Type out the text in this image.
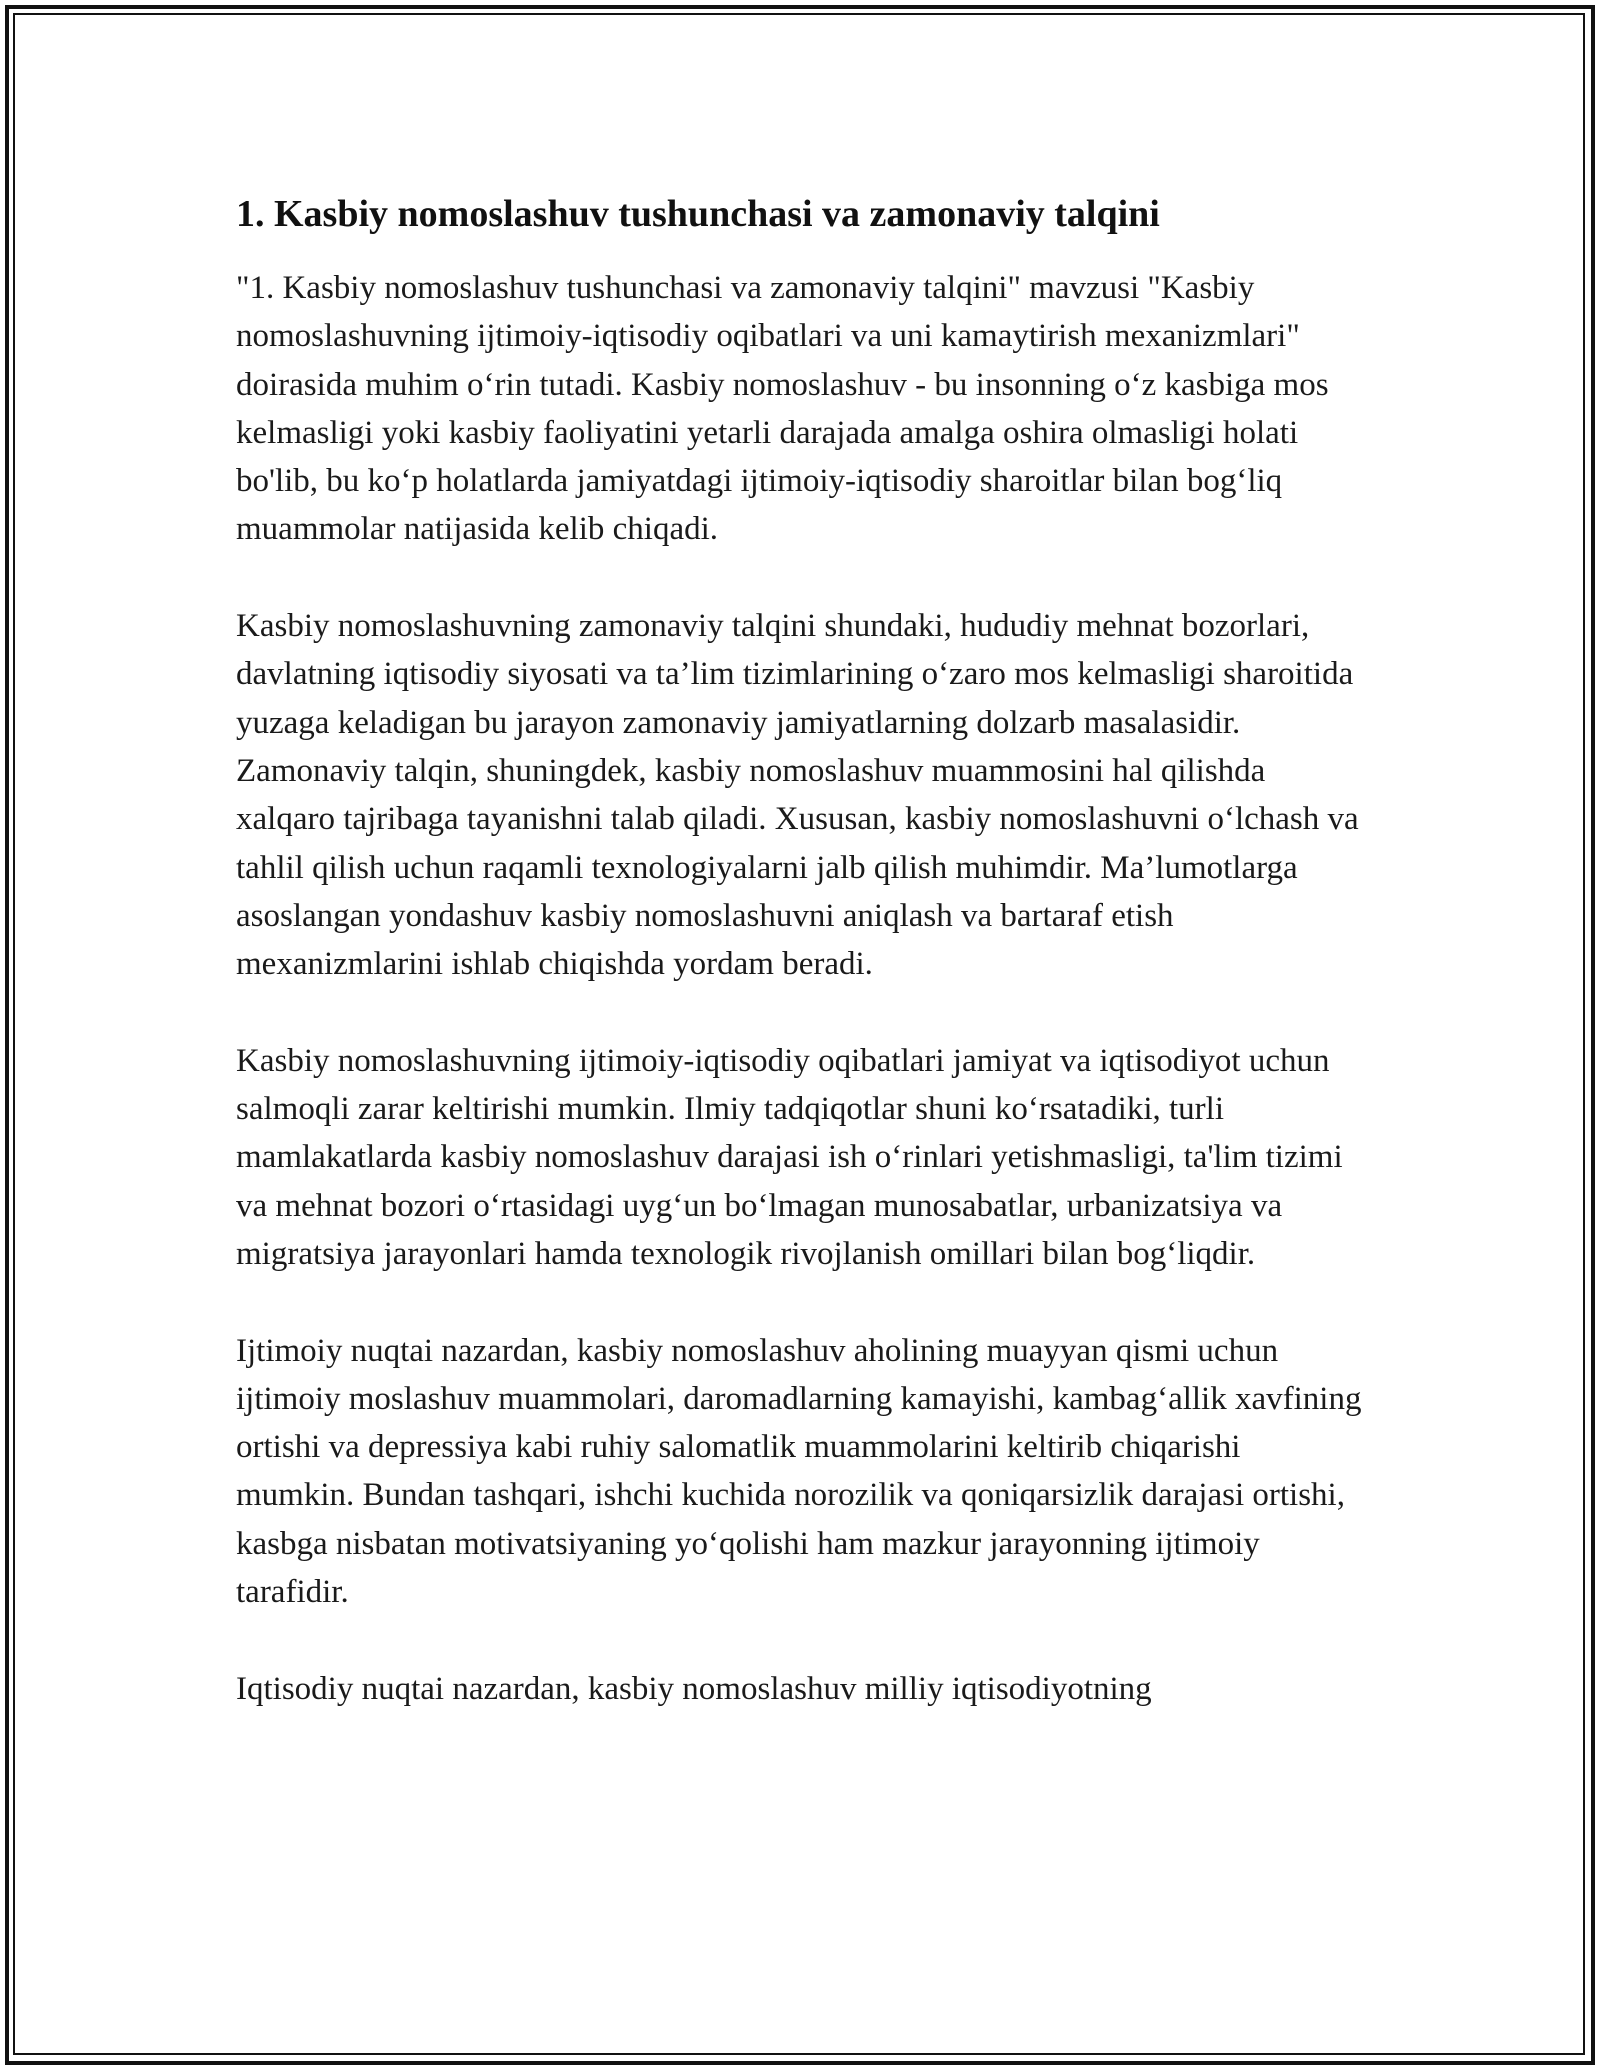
1. Kasbiy nomoslashuv tushunchasi va zamonaviy talqini

"1. Kasbiy nomoslashuv tushunchasi va zamonaviy talqini" mavzusi "Kasbiy nomoslashuvning ijtimoiy-iqtisodiy oqibatlari va uni kamaytirish mexanizmlari" doirasida muhim o‘rin tutadi. Kasbiy nomoslashuv - bu insonning o‘z kasbiga mos kelmasligi yoki kasbiy faoliyatini yetarli darajada amalga oshira olmasligi holati bo'lib, bu ko‘p holatlarda jamiyatdagi ijtimoiy-iqtisodiy sharoitlar bilan bog‘liq muammolar natijasida kelib chiqadi.

Kasbiy nomoslashuvning zamonaviy talqini shundaki, hududiy mehnat bozorlari, davlatning iqtisodiy siyosati va ta’lim tizimlarining o‘zaro mos kelmasligi sharoitida yuzaga keladigan bu jarayon zamonaviy jamiyatlarning dolzarb masalasidir. Zamonaviy talqin, shuningdek, kasbiy nomoslashuv muammosini hal qilishda xalqaro tajribaga tayanishni talab qiladi. Xususan, kasbiy nomoslashuvni o‘lchash va tahlil qilish uchun raqamli texnologiyalarni jalb qilish muhimdir. Ma’lumotlarga asoslangan yondashuv kasbiy nomoslashuvni aniqlash va bartaraf etish mexanizmlarini ishlab chiqishda yordam beradi.

Kasbiy nomoslashuvning ijtimoiy-iqtisodiy oqibatlari jamiyat va iqtisodiyot uchun salmoqli zarar keltirishi mumkin. Ilmiy tadqiqotlar shuni ko‘rsatadiki, turli mamlakatlarda kasbiy nomoslashuv darajasi ish o‘rinlari yetishmasligi, ta'lim tizimi va mehnat bozori o‘rtasidagi uyg‘un bo‘lmagan munosabatlar, urbanizatsiya va migratsiya jarayonlari hamda texnologik rivojlanish omillari bilan bog‘liqdir.

Ijtimoiy nuqtai nazardan, kasbiy nomoslashuv aholining muayyan qismi uchun ijtimoiy moslashuv muammolari, daromadlarning kamayishi, kambag‘allik xavfining ortishi va depressiya kabi ruhiy salomatlik muammolarini keltirib chiqarishi mumkin. Bundan tashqari, ishchi kuchida norozilik va qoniqarsizlik darajasi ortishi, kasbga nisbatan motivatsiyaning yo‘qolishi ham mazkur jarayonning ijtimoiy tarafidir.

Iqtisodiy nuqtai nazardan, kasbiy nomoslashuv milliy iqtisodiyotning
